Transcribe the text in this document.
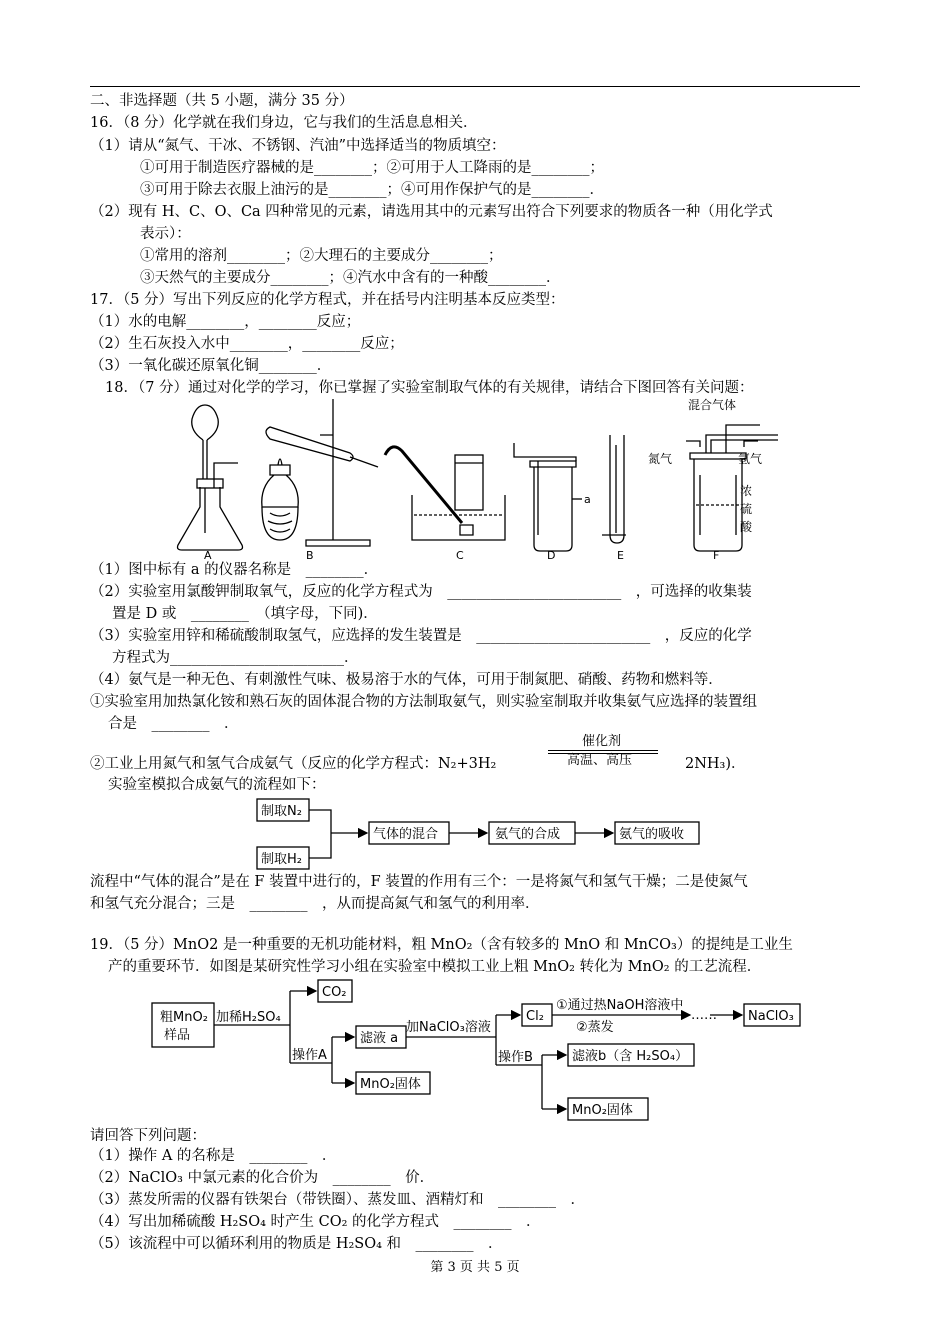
二、非选择题（共 5 小题，满分 35 分）
16．（8 分）化学就在我们身边，它与我们的生活息息相关．
（1）请从“氮气、干冰、不锈钢、汽油”中选择适当的物质填空：
①可用于制造医疗器械的是________；②可用于人工降雨的是________；
③可用于除去衣服上油污的是________；④可用作保护气的是________．
（2）现有 H、C、O、Ca 四种常见的元素，请选用其中的元素写出符合下列要求的物质各一种（用化学式
表示）：
①常用的溶剂________；②大理石的主要成分________；
③天然气的主要成分________；④汽水中含有的一种酸________．
17．（5 分）写出下列反应的化学方程式，并在括号内注明基本反应类型：
（1）水的电解________，________反应；
（2）生石灰投入水中________，________反应；
（3）一氧化碳还原氧化铜________．
18．（7 分）通过对化学的学习，你已掌握了实验室制取气体的有关规律，请结合下图回答有关问题：
A	B	C	D	E	F
a
混合气体
氮气	氢气
浓
硫
酸
（1）图中标有 a 的仪器名称是　________．
（2）实验室用氯酸钾制取氧气，反应的化学方程式为　________________________　，可选择的收集装
置是 D 或　________　（填字母，下同)．
（3）实验室用锌和稀硫酸制取氢气，应选择的发生装置是　________________________　，反应的化学
方程式为________________________．
（4）氨气是一种无色、有刺激性气味、极易溶于水的气体，可用于制氮肥、硝酸、药物和燃料等．
①实验室用加热氯化铵和熟石灰的固体混合物的方法制取氨气，则实验室制取并收集氨气应选择的装置组
合是　________　．
催化剂
高温、高压
②工业上用氮气和氢气合成氨气（反应的化学方程式：N₂+3H₂	2NH₃)．
实验室模拟合成氨气的流程如下：
制取N₂
制取H₂
气体的混合	氨气的合成	氨气的吸收
流程中“气体的混合”是在 F 装置中进行的，F 装置的作用有三个：一是将氮气和氢气干燥；二是使氮气
和氢气充分混合；三是　________　，从而提高氮气和氢气的利用率．
19．（5 分）MnO2 是一种重要的无机功能材料，粗 MnO₂（含有较多的 MnO 和 MnCO₃）的提纯是工业生
产的重要环节．如图是某研究性学习小组在实验室中模拟工业上粗 MnO₂ 转化为 MnO₂ 的工艺流程．
粗MnO₂
样品
加稀H₂SO₄
CO₂
操作A
滤液 a
MnO₂固体
加NaClO₃溶液
Cl₂
①通过热NaOH溶液中
②蒸发
…… NaClO₃
操作B	滤液b（含 H₂SO₄）
MnO₂固体
请回答下列问题：
（1）操作 A 的名称是　________　．
（2）NaClO₃ 中氯元素的化合价为　________　价．
（3）蒸发所需的仪器有铁架台（带铁圈）、蒸发皿、酒精灯和　________　．
（4）写出加稀硫酸 H₂SO₄ 时产生 CO₂ 的化学方程式　________　．
（5）该流程中可以循环利用的物质是 H₂SO₄ 和　________　．
第 3 页 共 5 页
